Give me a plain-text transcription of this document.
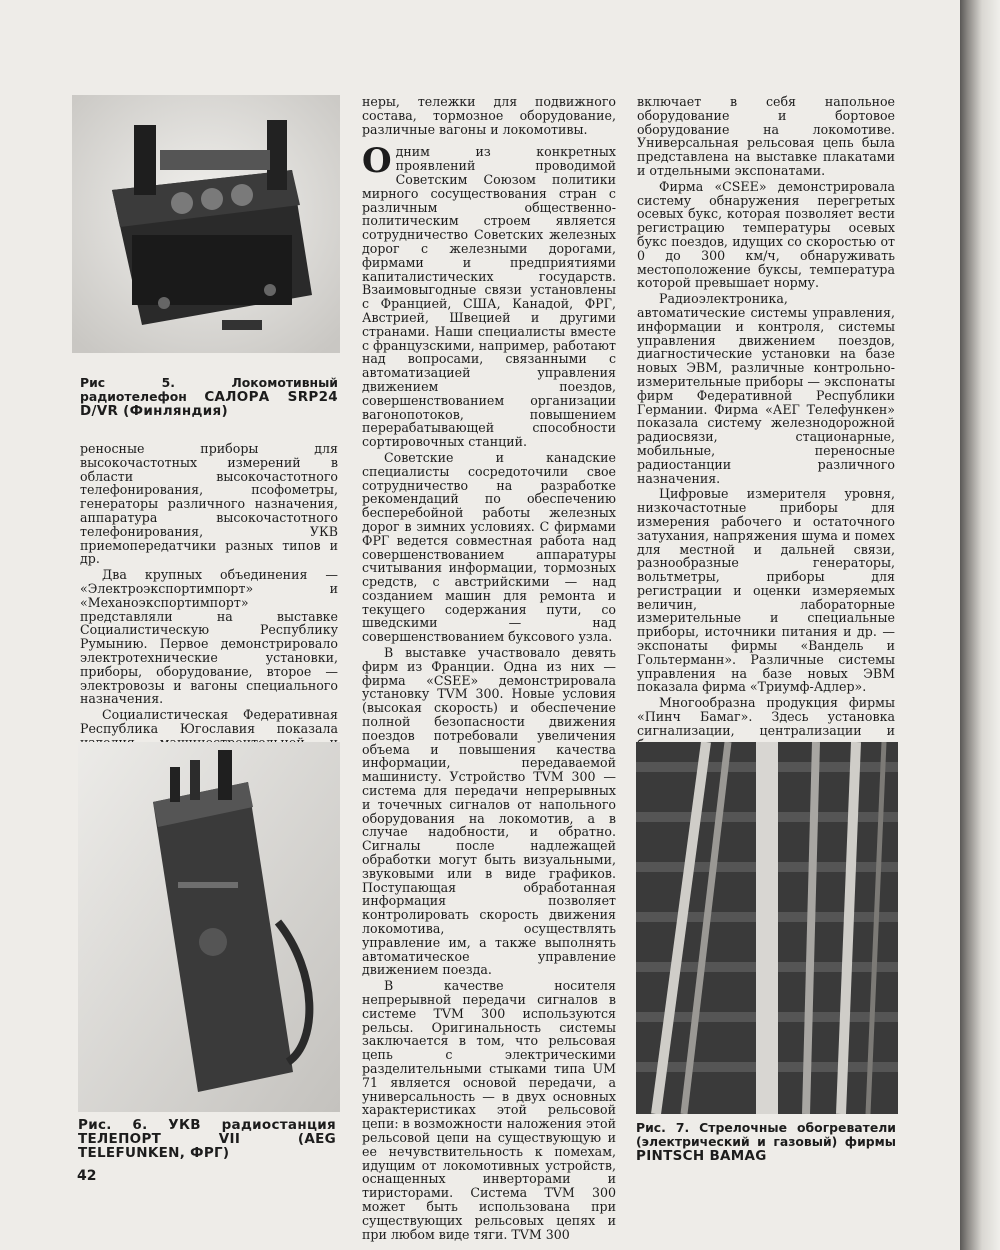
Рис 5. Локомотивный радиотелефон САЛОРА SRP24 D/VR (Финляндия)

реносные приборы для высокочастотных измерений в области высокочастотного телефонирования, псофометры, генераторы различного назначения, аппаратура высокочастотного телефонирования, УКВ приемопередатчики разных типов и др.

Два крупных объединения — «Электроэкспортимпорт» и «Механоэкспортимпорт» представляли на выставке Социалистическую Республику Румынию. Первое демонстрировало электротехнические установки, приборы, оборудование, второе — электровозы и вагоны специального назначения.

Социалистическая Федеративная Республика Югославия показала

Рис. 6. УКВ радиостанция ТЕЛЕПОРТ VII (AEG TELEFUNKEN, ФРГ)
42

неры, тележки для подвижного состава, тормозное оборудование, различные вагоны и локомотивы.

Одним из конкретных проявлений проводимой Советским Союзом политики мирного сосуществования стран с различным общественно-политическим строем является сотрудничество Советских железных дорог с железными дорогами, фирмами и предприятиями капиталистических государств. Взаимовыгодные связи установлены с Францией, США, Канадой, ФРГ, Австрией, Швецией и другими странами. Наши специалисты вместе с французскими, например, работают над вопросами, связанными с автоматизацией управления движением поездов, совершенствованием организации вагонопотоков, повышением перерабатывающей способности сортировочных станций.

Советские и канадские специалисты сосредоточили свое сотрудничество на разработке рекомендаций по обеспечению бесперебойной работы железных дорог в зимних условиях. С фирмами ФРГ ведется совместная работа над совершенствованием аппаратуры считывания информации, тормозных средств, с австрийскими — над созданием машин для ремонта и текущего содержания пути, со шведскими — над совершенствованием буксового узла.

В выставке участвовало девять фирм из Франции. Одна из них — фирма «CSEE» демонстрировала установку TVM 300. Новые условия (высокая скорость) и обеспечение полной безопасности движения поездов потребовали увеличения объема и повышения качества информации, передаваемой машинисту. Устройство TVM 300 — система для передачи непрерывных и точечных сигналов от напольного оборудования на локомотив, а в случае надобности, и обратно. Сигналы после надлежащей обработки могут быть визуальными, звуковыми или в виде графиков. Поступающая обработанная информация позволяет контролировать скорость движения локомотива, осуществлять управление им, а также выполнять автоматическое управление движением поезда.

В качестве носителя непрерывной передачи сигналов в системе TVM 300 используются рельсы. Оригинальность системы заключается в том, что рельсовая цепь с электрическими разделительными стыками типа UM 71 является основой передачи, а универсальность — в двух основных характеристиках этой рельсовой цепи: в возможности наложения этой рельсовой цепи на существующую и ее нечувствительность к помехам, идущим от локомотивных устройств, оснащенных инверторами и тиристорами. Система TVM 300 может быть использована при существующих рельсовых цепях и при любом виде тяги. TVM 300

включает в себя напольное оборудование и бортовое оборудование на локомотиве. Универсальная рельсовая цепь была представлена на выставке плакатами и отдельными экспонатами.

Фирма «CSEE» демонстрировала систему обнаружения перегретых осевых букс, которая позволяет вести регистрацию температуры осевых букс поездов, идущих со скоростью от 0 до 300 км/ч, обнаруживать местоположение буксы, температура которой превышает норму.

Радиоэлектроника, автоматические системы управления, информации и контроля, системы управления движением поездов, диагностические установки на базе новых ЭВМ, различные контрольно-измерительные приборы — экспонаты фирм Федеративной Республики Германии. Фирма «АЕГ Телефункен» показала систему железнодорожной радиосвязи, стационарные, мобильные, переносные радиостанции различного назначения.

Цифровые измерителя уровня, низкочастотные приборы для измерения рабочего и остаточного затухания, напряжения шума и помех для местной и дальней связи, разнообразные генераторы, вольтметры, приборы для регистрации и оценки измеряемых величин, лабораторные измерительные и специальные приборы, источники питания и др. — экспонаты фирмы «Вандель и Гольтерманн». Различные системы управления на базе новых ЭВМ показала фирма «Триумф-Адлер».

Многообразна продукция фирмы «Пинч Бамаг». Здесь установка сигнализации, централизации и

Рис. 7. Стрелочные обогреватели (электрический и газовый) фирмы PINTSCH BAMAG
